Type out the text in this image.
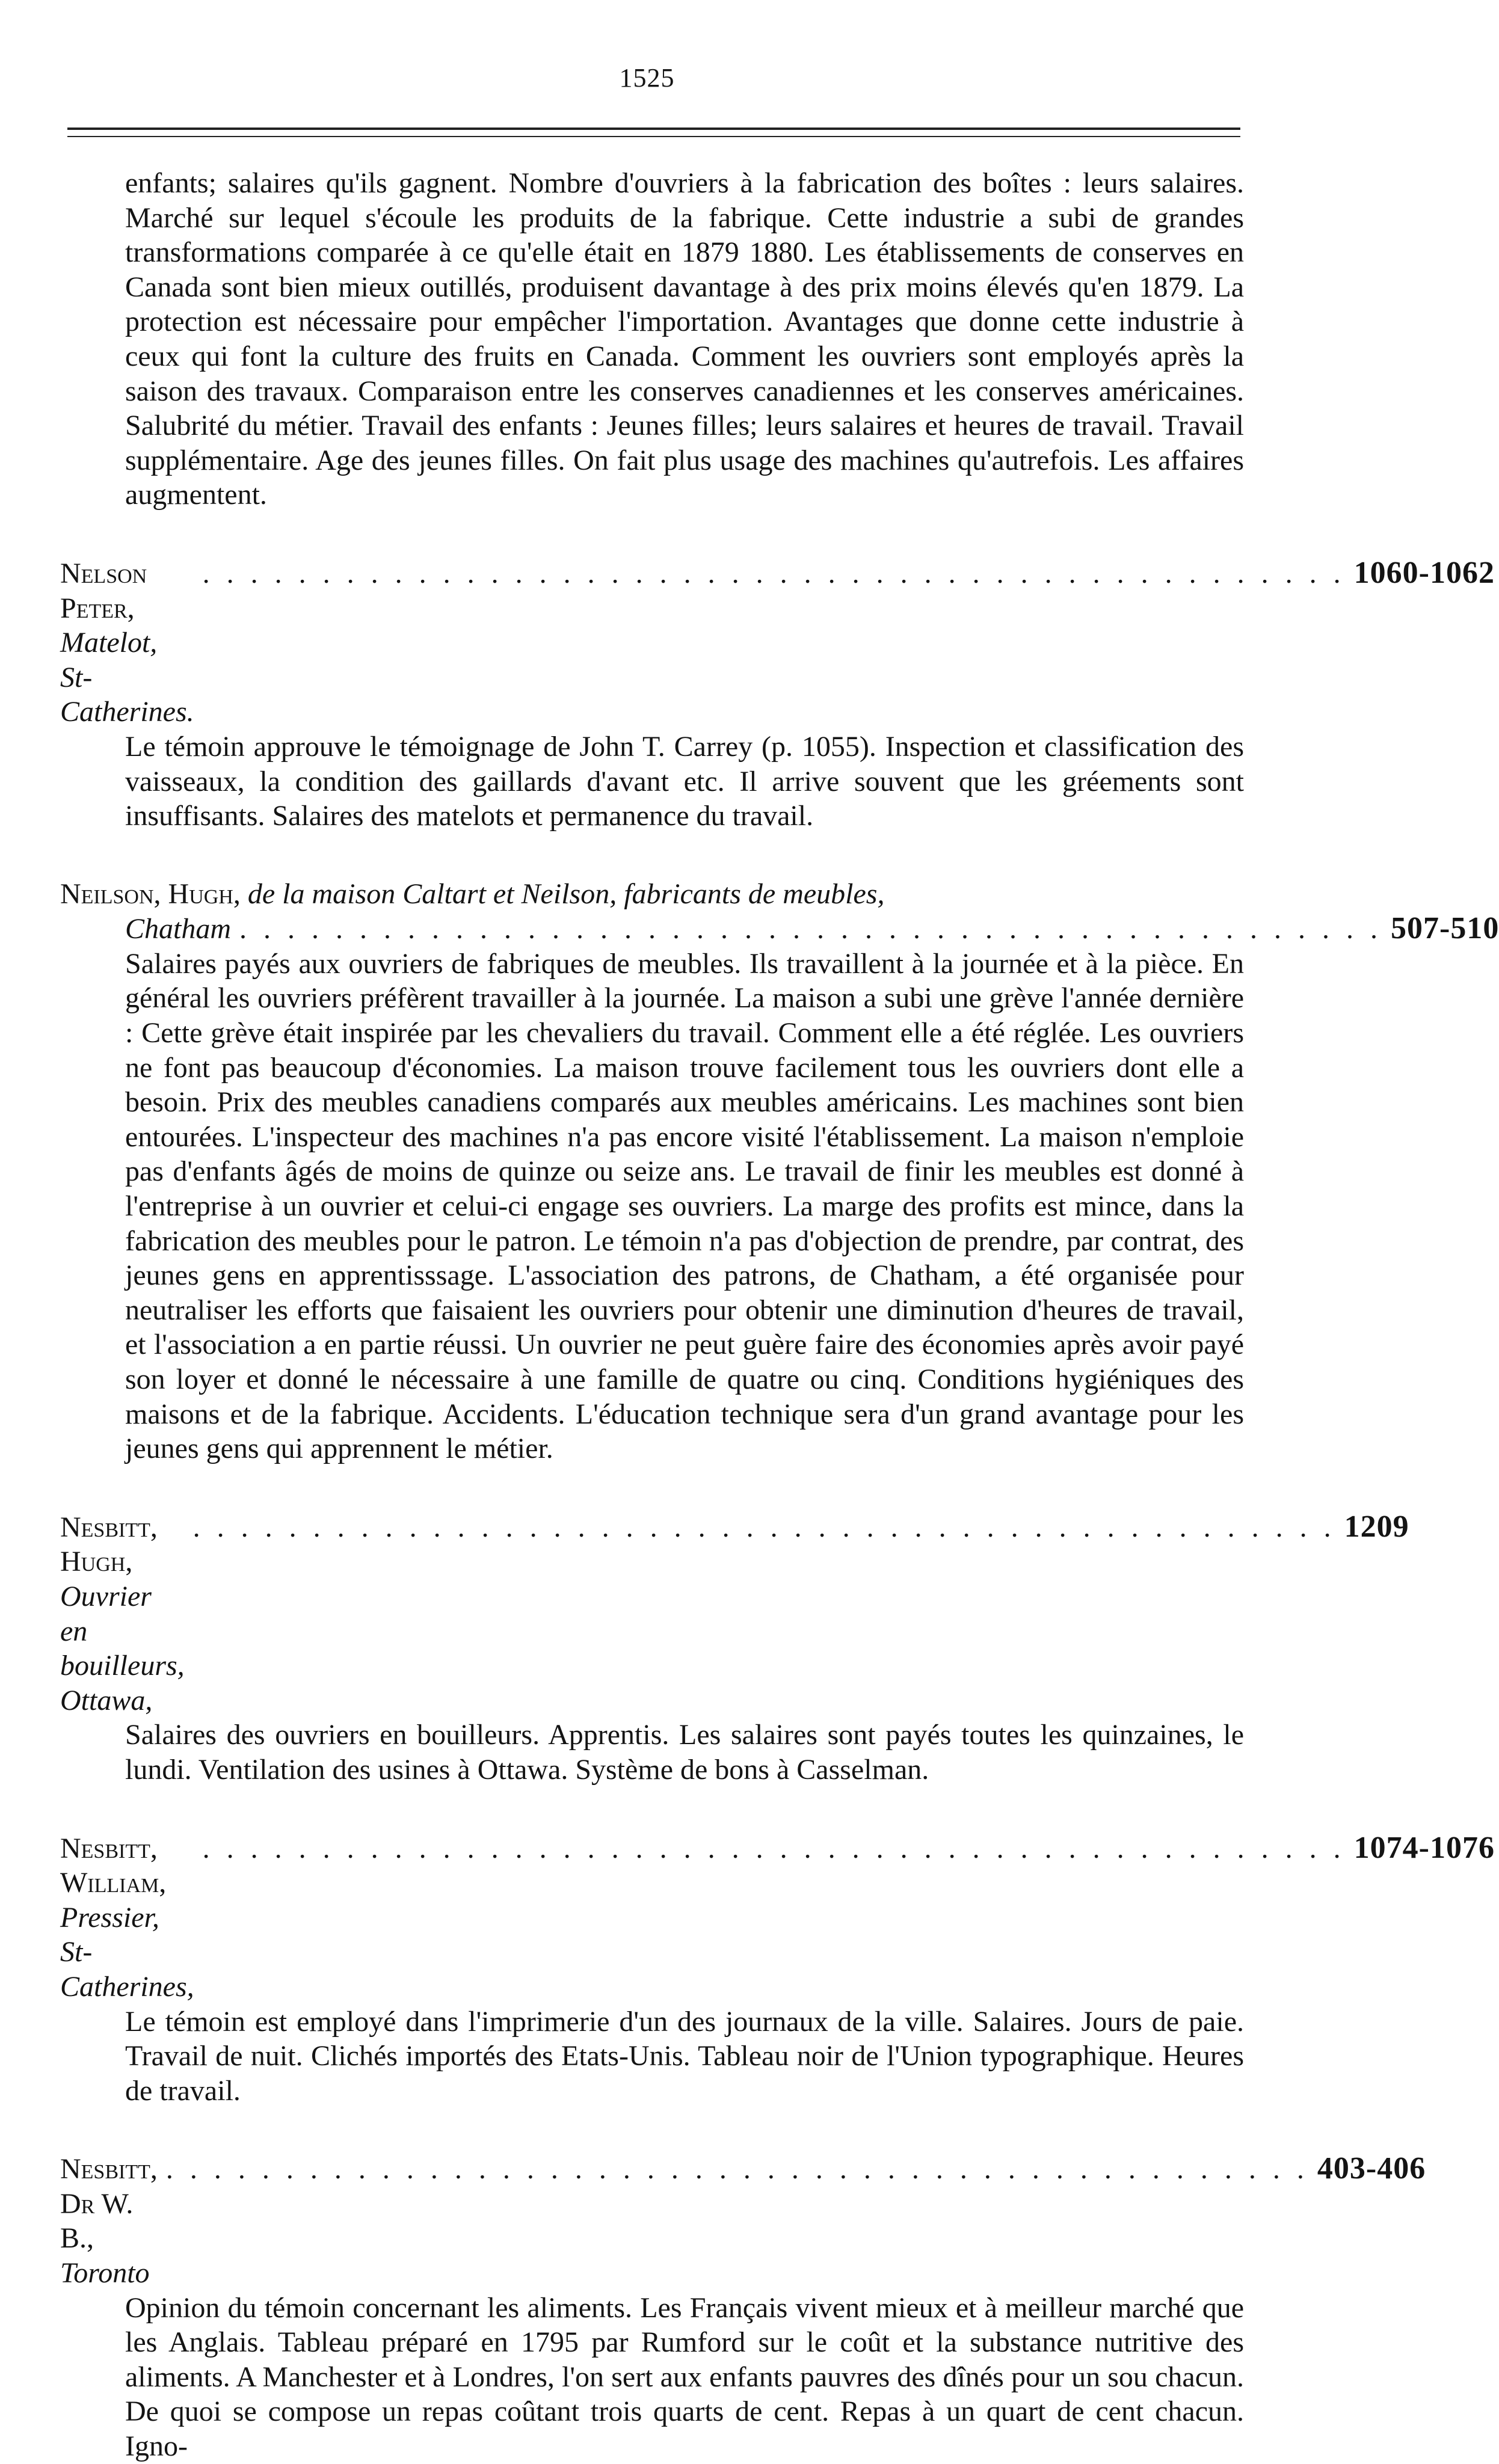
1525

enfants; salaires qu'ils gagnent. Nombre d'ouvriers à la fabrication des boîtes : leurs salaires. Marché sur lequel s'écoule les produits de la fabrique. Cette industrie a subi de grandes transformations comparée à ce qu'elle était en 1879 1880. Les établissements de conserves en Canada sont bien mieux outillés, produisent davantage à des prix moins élevés qu'en 1879. La protection est nécessaire pour empêcher l'importation. Avantages que donne cette industrie à ceux qui font la culture des fruits en Canada. Comment les ouvriers sont employés après la saison des travaux. Comparaison entre les conserves canadiennes et les conserves américaines. Salubrité du métier. Travail des enfants : Jeunes filles; leurs salaires et heures de travail. Travail supplémentaire. Age des jeunes filles. On fait plus usage des machines qu'autrefois. Les affaires augmentent.

Nelson Peter, Matelot, St-Catherines.
. . . . . . . . . . . . . . . . . . . . . . . . . . . . . . . . . . . . . . . . . . . . . . . . 1060-1062

Le témoin approuve le témoignage de John T. Carrey (p. 1055). Inspection et classification des vaisseaux, la condition des gaillards d'avant etc. Il arrive souvent que les gréements sont insuffisants. Salaires des matelots et permanence du travail.

Neilson, Hugh, de la maison Caltart et Neilson, fabricants de meubles,
Chatham . . . . . . . . . . . . . . . . . . . . . . . . . . . . . . . . . . . . . . . . . . . . . . . . 507-510

Salaires payés aux ouvriers de fabriques de meubles. Ils travaillent à la journée et à la pièce. En général les ouvriers préfèrent travailler à la journée. La maison a subi une grève l'année dernière : Cette grève était inspirée par les chevaliers du travail. Comment elle a été réglée. Les ouvriers ne font pas beaucoup d'économies. La maison trouve facilement tous les ouvriers dont elle a besoin. Prix des meubles canadiens comparés aux meubles américains. Les machines sont bien entourées. L'inspecteur des machines n'a pas encore visité l'établissement. La maison n'emploie pas d'enfants âgés de moins de quinze ou seize ans. Le travail de finir les meubles est donné à l'entreprise à un ouvrier et celui-ci engage ses ouvriers. La marge des profits est mince, dans la fabrication des meubles pour le patron. Le témoin n'a pas d'objection de prendre, par contrat, des jeunes gens en apprentisssage. L'association des patrons, de Chatham, a été organisée pour neutraliser les efforts que faisaient les ouvriers pour obtenir une diminution d'heures de travail, et l'association a en partie réussi. Un ouvrier ne peut guère faire des économies après avoir payé son loyer et donné le nécessaire à une famille de quatre ou cinq. Conditions hygiéniques des maisons et de la fabrique. Accidents. L'éducation technique sera d'un grand avantage pour les jeunes gens qui apprennent le métier.

Nesbitt, Hugh, Ouvrier en bouilleurs, Ottawa,
. . . . . . . . . . . . . . . . . . . . . . . . . . . . . . . . . . . . . . . . . . . . . . . . 1209

Salaires des ouvriers en bouilleurs. Apprentis. Les salaires sont payés toutes les quinzaines, le lundi. Ventilation des usines à Ottawa. Système de bons à Casselman.

Nesbitt, William, Pressier, St-Catherines,
. . . . . . . . . . . . . . . . . . . . . . . . . . . . . . . . . . . . . . . . . . . . . . . . 1074-1076

Le témoin est employé dans l'imprimerie d'un des journaux de la ville. Salaires. Jours de paie. Travail de nuit. Clichés importés des Etats-Unis. Tableau noir de l'Union typographique. Heures de travail.

Nesbitt, Dr W. B., Toronto
. . . . . . . . . . . . . . . . . . . . . . . . . . . . . . . . . . . . . . . . . . . . . . . . 403-406

Opinion du témoin concernant les aliments. Les Français vivent mieux et à meilleur marché que les Anglais. Tableau préparé en 1795 par Rumford sur le coût et la substance nutritive des aliments. A Manchester et à Londres, l'on sert aux enfants pauvres des dînés pour un sou chacun. De quoi se compose un repas coûtant trois quarts de cent. Repas à un quart de cent chacun. Igno-
